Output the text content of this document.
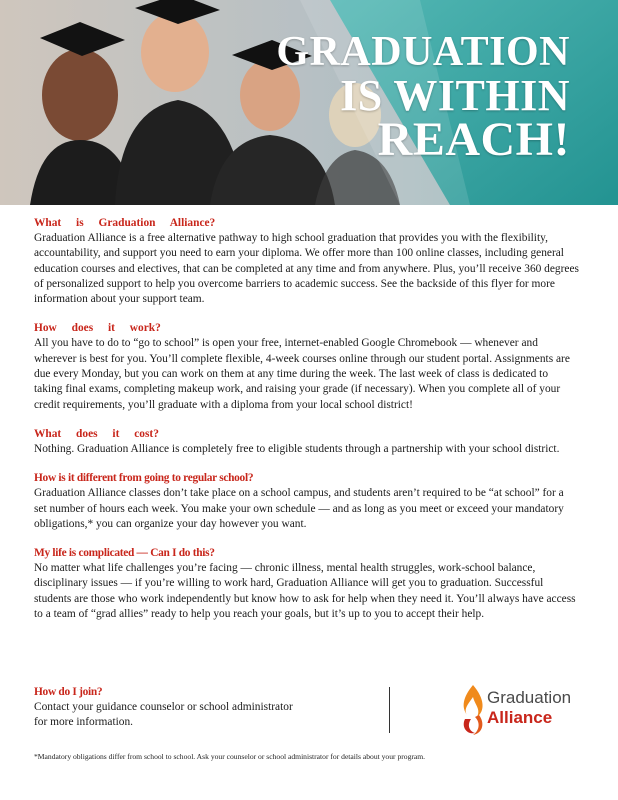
GRADUATION
IS WITHIN
REACH!
What is Graduation Alliance?
Graduation Alliance is a free alternative pathway to high school graduation that provides you with the flexibility, accountability, and support you need to earn your diploma. We offer more than 100 online classes, including general education courses and electives, that can be completed at any time and from anywhere. Plus, you’ll receive 360 degrees of personalized support to help you overcome barriers to academic success. See the backside of this flyer for more information about your support team.
How does it work?
All you have to do to “go to school” is open your free, internet-enabled Google Chromebook — whenever and wherever is best for you. You’ll complete flexible, 4-week courses online through our student portal. Assignments are due every Monday, but you can work on them at any time during the week. The last week of class is dedicated to taking final exams, completing makeup work, and raising your grade (if necessary). When you complete all of your credit requirements, you’ll graduate with a diploma from your local school district!
What does it cost?
Nothing. Graduation Alliance is completely free to eligible students through a partnership with your school district.
How is it different from going to regular school?
Graduation Alliance classes don’t take place on a school campus, and students aren’t required to be “at school” for a set number of hours each week. You make your own schedule — and as long as you meet or exceed your mandatory obligations,* you can organize your day however you want.
My life is complicated — Can I do this?
No matter what life challenges you’re facing — chronic illness, mental health struggles, work-school balance, disciplinary issues — if you’re willing to work hard, Graduation Alliance will get you to graduation. Successful students are those who work independently but know how to ask for help when they need it. You’ll always have access to a team of “grad allies” ready to help you reach your goals, but it’s up to you to accept their help.
How do I join?
Contact your guidance counselor or school administrator
for more information.
Graduation
Alliance
*Mandatory obligations differ from school to school. Ask your counselor or school administrator for details about your program.
